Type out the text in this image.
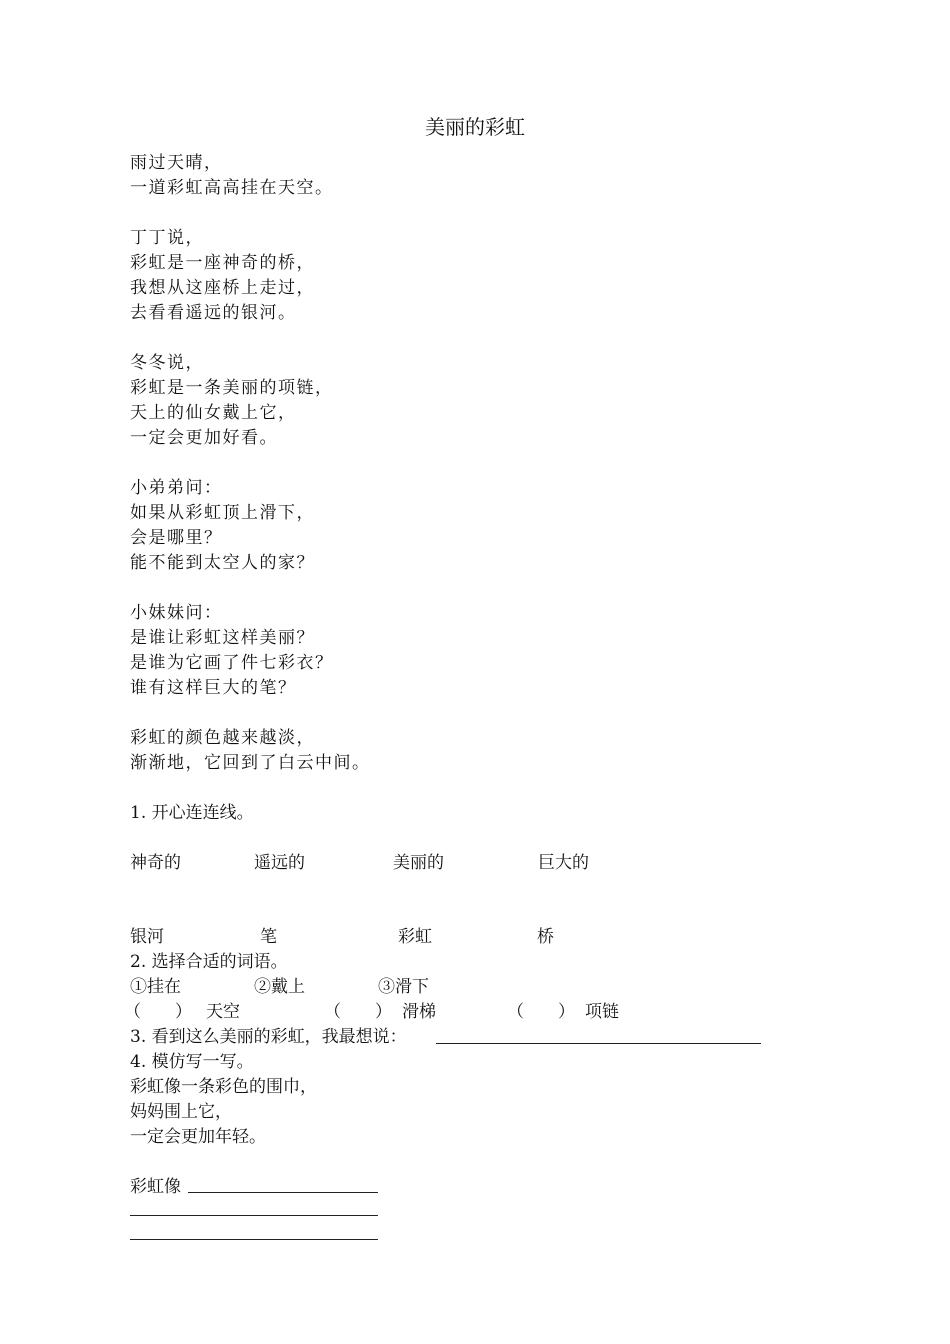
美丽的彩虹
雨过天晴，
一道彩虹高高挂在天空。
丁丁说，
彩虹是一座神奇的桥，
我想从这座桥上走过，
去看看遥远的银河。
冬冬说，
彩虹是一条美丽的项链，
天上的仙女戴上它，
一定会更加好看。
小弟弟问：
如果从彩虹顶上滑下，
会是哪里？
能不能到太空人的家？
小妹妹问：
是谁让彩虹这样美丽？
是谁为它画了件七彩衣？
谁有这样巨大的笔？
彩虹的颜色越来越淡，
渐渐地，它回到了白云中间。
1. 开心连连线。
神奇的	遥远的	美丽的	巨大的
银河	笔	彩虹	桥
2. 选择合适的词语。
①挂在	②戴上	③滑下
（　　） 天空	（　　） 滑梯	（　　） 项链
3. 看到这么美丽的彩虹，我最想说：
4. 模仿写一写。
彩虹像一条彩色的围巾，
妈妈围上它，
一定会更加年轻。
彩虹像
